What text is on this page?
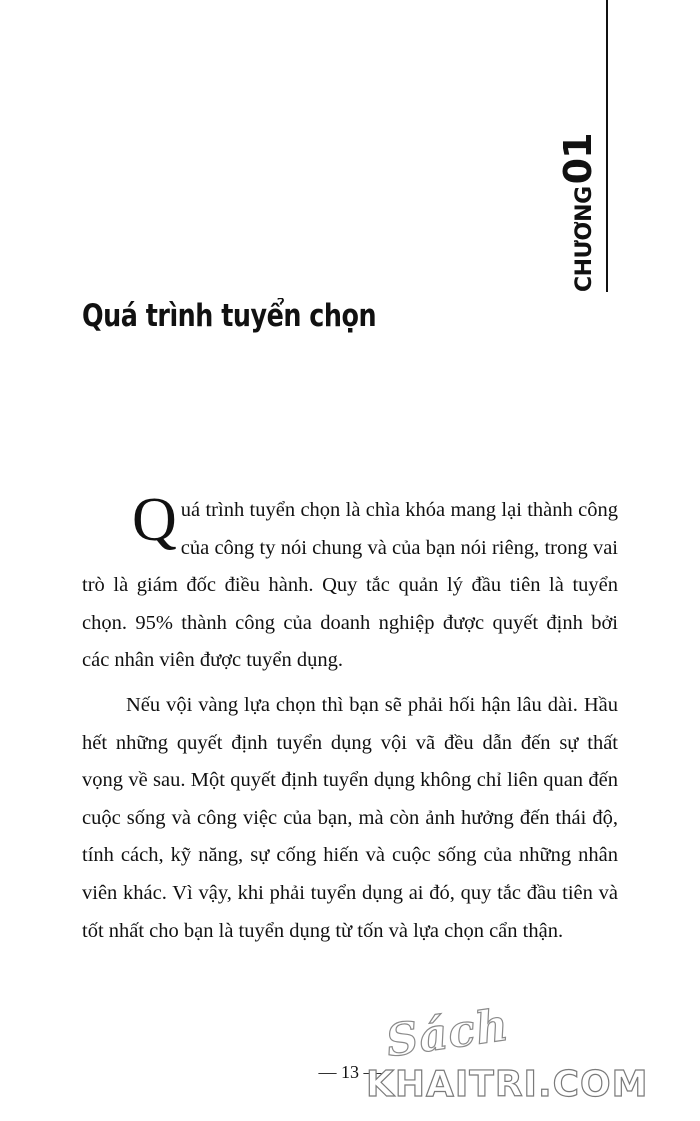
CHƯƠNG01
Quá trình tuyển chọn

Quá trình tuyển chọn là chìa khóa mang lại thành công của công ty nói chung và của bạn nói riêng, trong vai trò là giám đốc điều hành. Quy tắc quản lý đầu tiên là tuyển chọn. 95% thành công của doanh nghiệp được quyết định bởi các nhân viên được tuyển dụng.

Nếu vội vàng lựa chọn thì bạn sẽ phải hối hận lâu dài. Hầu hết những quyết định tuyển dụng vội vã đều dẫn đến sự thất vọng về sau. Một quyết định tuyển dụng không chỉ liên quan đến cuộc sống và công việc của bạn, mà còn ảnh hưởng đến thái độ, tính cách, kỹ năng, sự cống hiến và cuộc sống của những nhân viên khác. Vì vậy, khi phải tuyển dụng ai đó, quy tắc đầu tiên và tốt nhất cho bạn là tuyển dụng từ tốn và lựa chọn cẩn thận.

— 13 —
Sách
KHAITRI.COM
